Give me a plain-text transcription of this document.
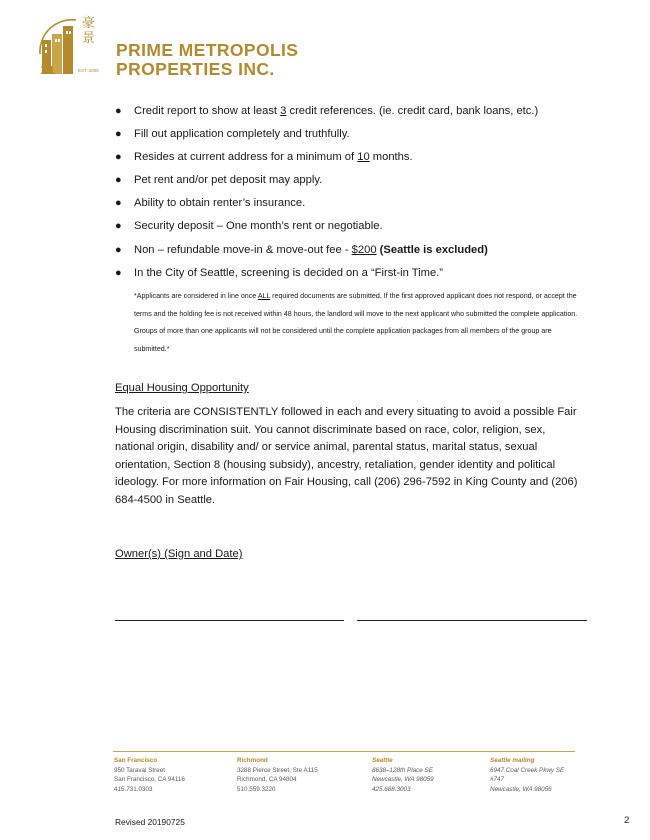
11
豪景
EST. 2005
PRIME METROPOLIS
PROPERTIES INC.
● Credit report to show at least 3 credit references. (ie. credit card, bank loans, etc.)
● Fill out application completely and truthfully.
● Resides at current address for a minimum of 10 months.
● Pet rent and/or pet deposit may apply.
● Ability to obtain renter’s insurance.
● Security deposit – One month’s rent or negotiable.
● Non – refundable move-in & move-out fee - $200 (Seattle is excluded)
● In the City of Seattle, screening is decided on a “First-in Time.”
*Applicants are considered in line once ALL required documents are submitted. If the first approved applicant does not respond, or accept the terms and the holding fee is not received within 48 hours, the landlord will move to the next applicant who submitted the complete application. Groups of more than one applicants will not be considered until the complete application packages from all members of the group are submitted.*
Equal Housing Opportunity
The criteria are CONSISTENTLY followed in each and every situating to avoid a possible Fair Housing discrimination suit. You cannot discriminate based on race, color, religion, sex, national origin, disability and/ or service animal, parental status, marital status, sexual orientation, Section 8 (housing subsidy), ancestry, retaliation, gender identity and political ideology. For more information on Fair Housing, call (206) 296-7592 in King County and (206) 684-4500 in Seattle.
Owner(s) (Sign and Date)
San Francisco
950 Taraval Street
San Francisco, CA 94116
415.731.0303
Richmond
3288 Pierce Street, Ste A115
Richmond, CA 94804
510.559.3220
Seattle
8638–128th Place SE
Newcastle, WA 98059
425.688.3003
Seattle mailing
6947 Coal Creek Pkwy SE
#747
Newcastle, WA 98056
Revised 20190725	2
